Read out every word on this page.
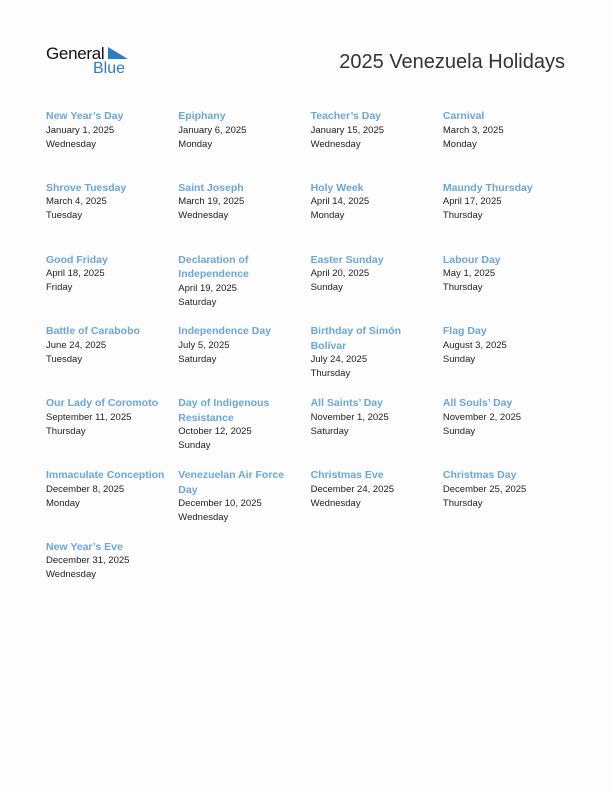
General
Blue	2025 Venezuela Holidays
New Year’s Day
January 1, 2025
Wednesday
Epiphany
January 6, 2025
Monday
Teacher’s Day
January 15, 2025
Wednesday
Carnival
March 3, 2025
Monday
Shrove Tuesday
March 4, 2025
Tuesday
Saint Joseph
March 19, 2025
Wednesday
Holy Week
April 14, 2025
Monday
Maundy Thursday
April 17, 2025
Thursday
Good Friday
April 18, 2025
Friday
Declaration of Independence
April 19, 2025
Saturday
Easter Sunday
April 20, 2025
Sunday
Labour Day
May 1, 2025
Thursday
Battle of Carabobo
June 24, 2025
Tuesday
Independence Day
July 5, 2025
Saturday
Birthday of Simón Bolívar
July 24, 2025
Thursday
Flag Day
August 3, 2025
Sunday
Our Lady of Coromoto
September 11, 2025
Thursday
Day of Indigenous Resistance
October 12, 2025
Sunday
All Saints’ Day
November 1, 2025
Saturday
All Souls’ Day
November 2, 2025
Sunday
Immaculate Conception
December 8, 2025
Monday
Venezuelan Air Force Day
December 10, 2025
Wednesday
Christmas Eve
December 24, 2025
Wednesday
Christmas Day
December 25, 2025
Thursday
New Year’s Eve
December 31, 2025
Wednesday
